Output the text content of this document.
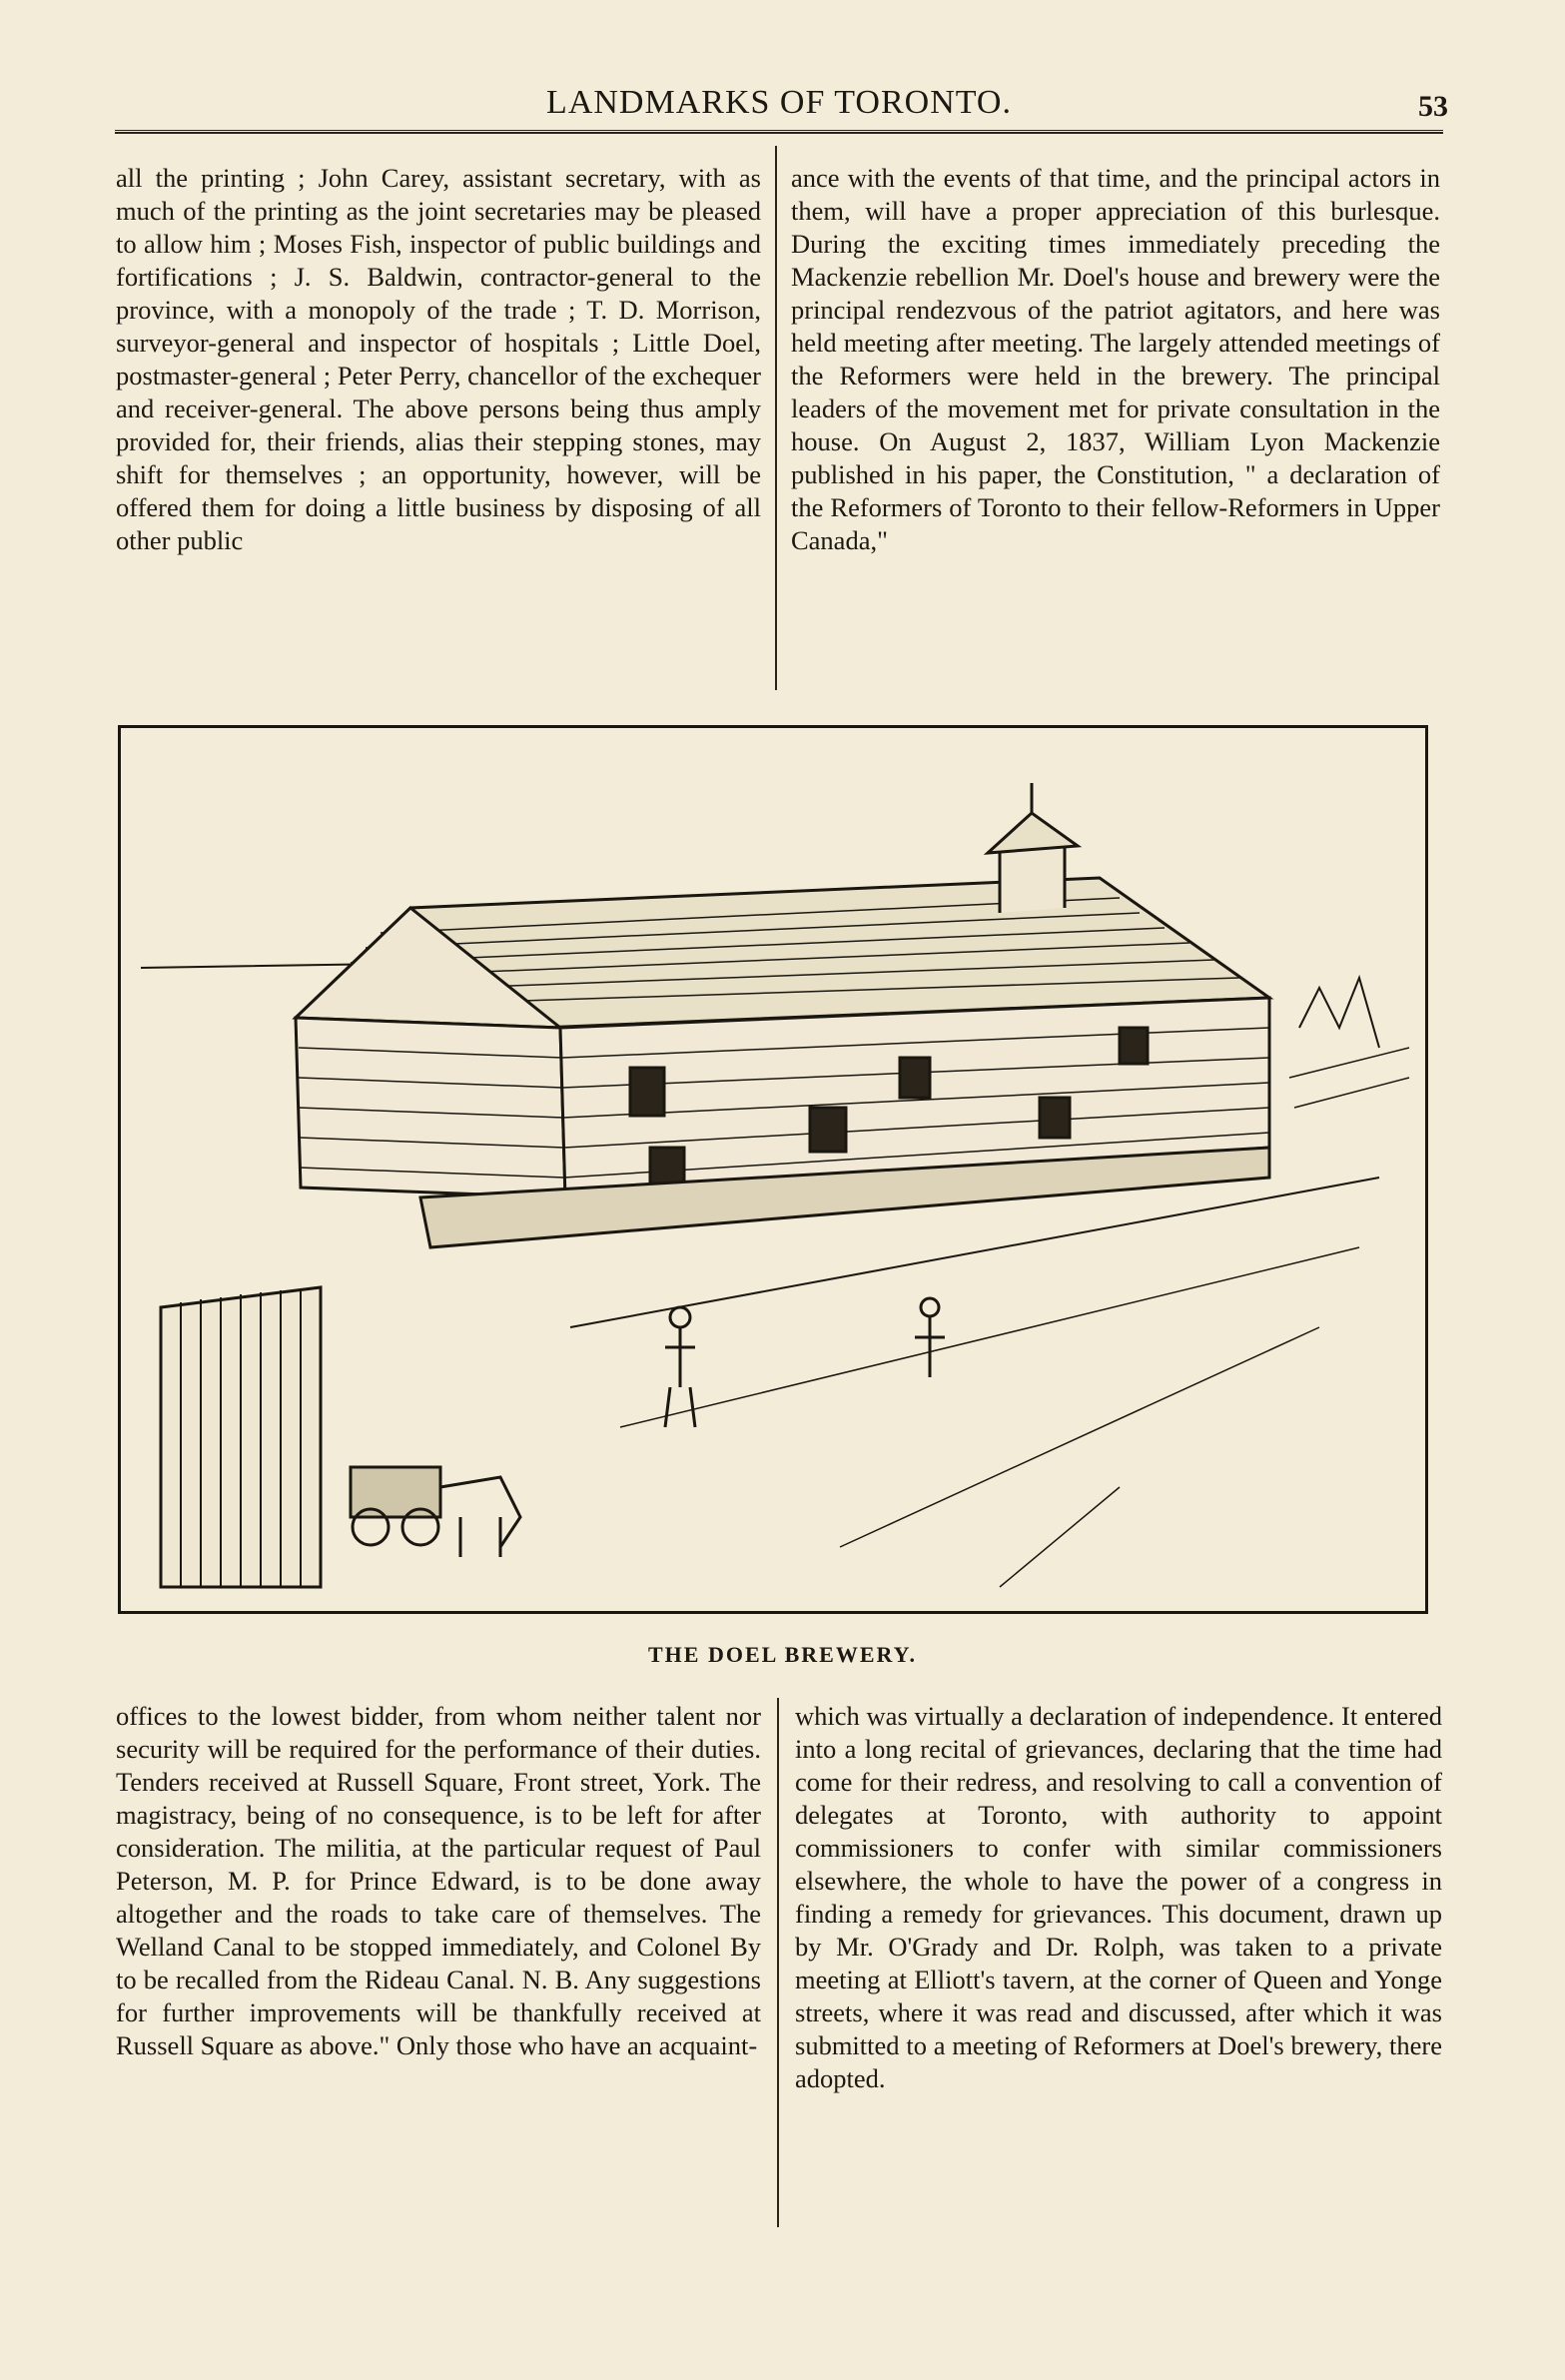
LANDMARKS OF TORONTO.	53
all the printing ; John Carey, assistant secretary, with as much of the printing as the joint secretaries may be pleased to allow him ; Moses Fish, inspector of public buildings and fortifications ; J. S. Baldwin, contractor-general to the province, with a monopoly of the trade ; T. D. Morrison, surveyor-general and inspector of hospitals ; Little Doel, postmaster-general ; Peter Perry, chancellor of the exchequer and receiver-general. The above persons being thus amply provided for, their friends, alias their stepping stones, may shift for themselves ; an opportunity, however, will be offered them for doing a little business by disposing of all other public
ance with the events of that time, and the principal actors in them, will have a proper appreciation of this burlesque. During the exciting times immediately preceding the Mackenzie rebellion Mr. Doel's house and brewery were the principal rendezvous of the patriot agitators, and here was held meeting after meeting. The largely attended meetings of the Reformers were held in the brewery. The principal leaders of the movement met for private consultation in the house. On August 2, 1837, William Lyon Mackenzie published in his paper, the Constitution, " a declaration of the Reformers of Toronto to their fellow-Reformers in Upper Canada,"
THE DOEL BREWERY.
offices to the lowest bidder, from whom neither talent nor security will be required for the performance of their duties. Tenders received at Russell Square, Front street, York. The magistracy, being of no consequence, is to be left for after consideration. The militia, at the particular request of Paul Peterson, M. P. for Prince Edward, is to be done away altogether and the roads to take care of themselves. The Welland Canal to be stopped immediately, and Colonel By to be recalled from the Rideau Canal. N. B. Any suggestions for further improvements will be thankfully received at Russell Square as above." Only those who have an acquaint-
which was virtually a declaration of independence. It entered into a long recital of grievances, declaring that the time had come for their redress, and resolving to call a convention of delegates at Toronto, with authority to appoint commissioners to confer with similar commissioners elsewhere, the whole to have the power of a congress in finding a remedy for grievances. This document, drawn up by Mr. O'Grady and Dr. Rolph, was taken to a private meeting at Elliott's tavern, at the corner of Queen and Yonge streets, where it was read and discussed, after which it was submitted to a meeting of Reformers at Doel's brewery, there adopted.
